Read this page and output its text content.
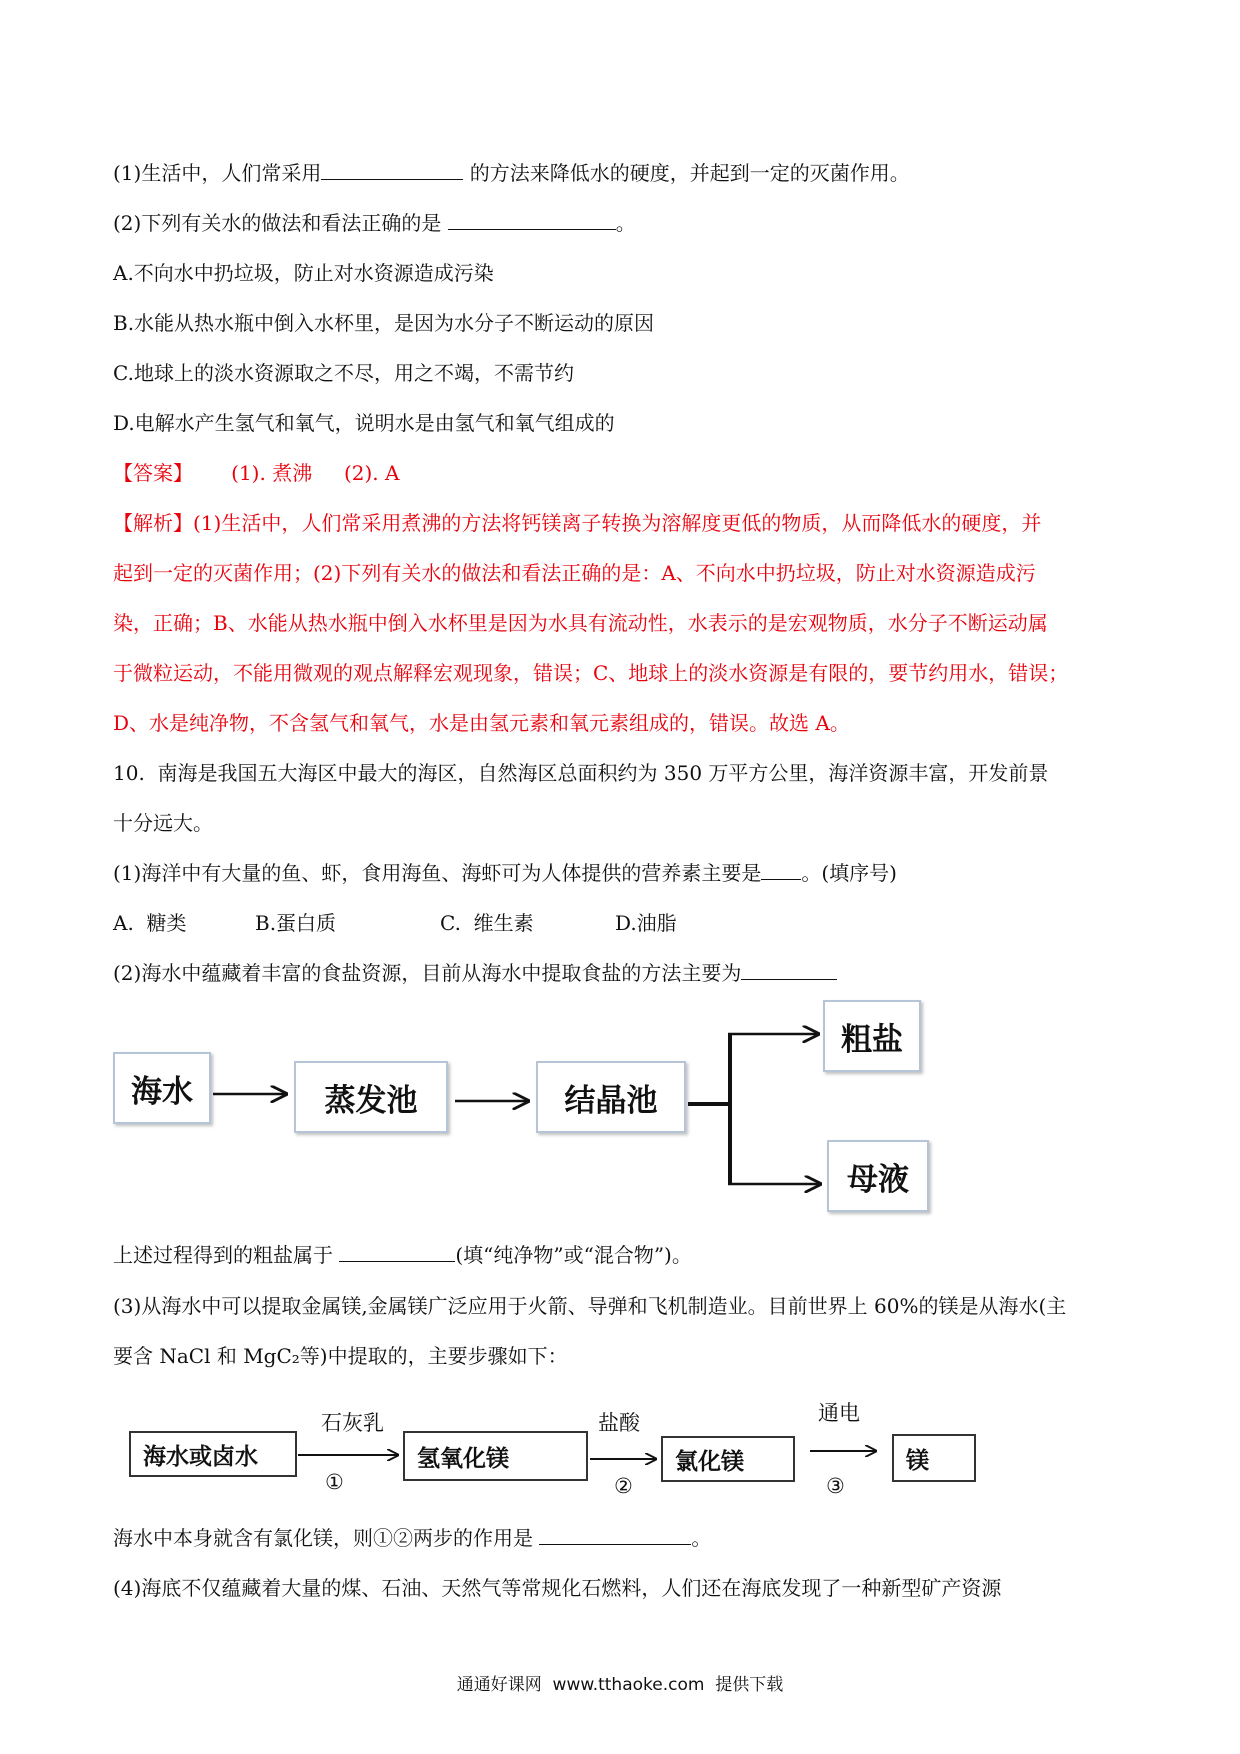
(1)生活中，人们常采用	的方法来降低水的硬度，并起到一定的灭菌作用。
(2)下列有关水的做法和看法正确的是	。
A.不向水中扔垃圾，防止对水资源造成污染
B.水能从热水瓶中倒入水杯里，是因为水分子不断运动的原因
C.地球上的淡水资源取之不尽，用之不竭，不需节约
D.电解水产生氢气和氧气，说明水是由氢气和氧气组成的
【答案】      (1). 煮沸     (2). A
【解析】(1)生活中，人们常采用煮沸的方法将钙镁离子转换为溶解度更低的物质，从而降低水的硬度，并
起到一定的灭菌作用；(2)下列有关水的做法和看法正确的是：A、不向水中扔垃圾，防止对水资源造成污
染，正确；B、水能从热水瓶中倒入水杯里是因为水具有流动性，水表示的是宏观物质，水分子不断运动属
于微粒运动，不能用微观的观点解释宏观现象，错误；C、地球上的淡水资源是有限的，要节约用水，错误；
D、水是纯净物，不含氢气和氧气，水是由氢元素和氧元素组成的，错误。故选 A。
10.  南海是我国五大海区中最大的海区，自然海区总面积约为 350 万平方公里，海洋资源丰富，开发前景
十分远大。
(1)海洋中有大量的鱼、虾，食用海鱼、海虾可为人体提供的营养素主要是 。(填序号)
A.  糖类	B.蛋白质	C.  维生素	D.油脂
(2)海水中蕴藏着丰富的食盐资源，目前从海水中提取食盐的方法主要为
海水	蒸发池	结晶池
粗盐
母液
上述过程得到的粗盐属于	(填“纯净物”或“混合物”)。
(3)从海水中可以提取金属镁,金属镁广泛应用于火箭、导弹和飞机制造业。目前世界上 60%的镁是从海水(主
要含 NaCl 和 MgC₂等)中提取的，主要步骤如下：
海水或卤水	氢氧化镁	氯化镁	镁
石灰乳	盐酸	通电
①	②	③
海水中本身就含有氯化镁，则①②两步的作用是	。
(4)海底不仅蕴藏着大量的煤、石油、天然气等常规化石燃料，人们还在海底发现了一种新型矿产资源
通通好课网  www.tthaoke.com  提供下载
